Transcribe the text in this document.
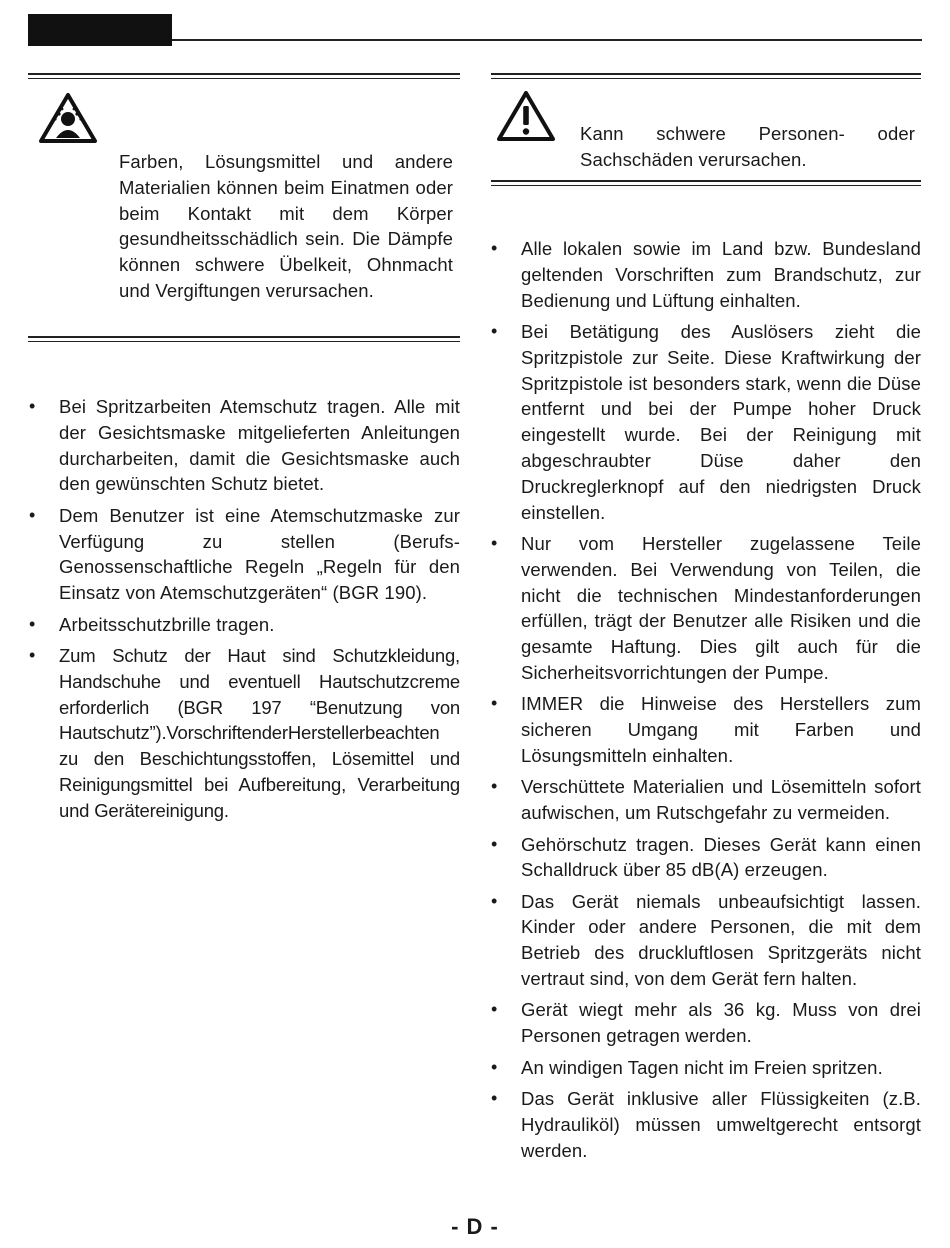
Farben, Lösungsmittel und andere Materialien können beim Einatmen oder beim Kontakt mit dem Körper gesundheitsschädlich sein. Die Dämpfe können schwere Übelkeit, Ohnmacht und Vergiftungen verursachen.
Kann schwere Personen- oder Sachschäden verursachen.
• Bei Spritzarbeiten Atemschutz tragen. Alle mit der Gesichtsmaske mitgelieferten Anleitungen durcharbeiten, damit die Gesichtsmaske auch den gewünschten Schutz bietet.
• Dem Benutzer ist eine Atemschutzmaske zur Verfügung zu stellen (Berufs-Genossenschaftliche Regeln „Regeln für den Einsatz von Atemschutzgeräten“ (BGR 190).
• Arbeitsschutzbrille tragen.
• Zum Schutz der Haut sind Schutzkleidung, Handschuhe und eventuell Hautschutzcreme erforderlich (BGR 197 “Benutzung von Hautschutz”).VorschriftenderHerstellerbeachten zu den Beschichtungsstoffen, Lösemittel und Reinigungsmittel bei Aufbereitung, Verarbeitung und Gerätereinigung.
• Alle lokalen sowie im Land bzw. Bundesland geltenden Vorschriften zum Brandschutz, zur Bedienung und Lüftung einhalten.
• Bei Betätigung des Auslösers zieht die Spritzpistole zur Seite. Diese Kraftwirkung der Spritzpistole ist besonders stark, wenn die Düse entfernt und bei der Pumpe hoher Druck eingestellt wurde. Bei der Reinigung mit abgeschraubter Düse daher den Druckreglerknopf auf den niedrigsten Druck einstellen.
• Nur vom Hersteller zugelassene Teile verwenden. Bei Verwendung von Teilen, die nicht die technischen Mindestanforderungen erfüllen, trägt der Benutzer alle Risiken und die gesamte Haftung. Dies gilt auch für die Sicherheitsvorrichtungen der Pumpe.
• IMMER die Hinweise des Herstellers zum sicheren Umgang mit Farben und Lösungsmitteln einhalten.
• Verschüttete Materialien und Lösemitteln sofort aufwischen, um Rutschgefahr zu vermeiden.
• Gehörschutz tragen. Dieses Gerät kann einen Schalldruck über 85 dB(A) erzeugen.
• Das Gerät niemals unbeaufsichtigt lassen. Kinder oder andere Personen, die mit dem Betrieb des druckluftlosen Spritzgeräts nicht vertraut sind, von dem Gerät fern halten.
• Gerät wiegt mehr als 36 kg. Muss von drei Personen getragen werden.
• An windigen Tagen nicht im Freien spritzen.
• Das Gerät inklusive aller Flüssigkeiten (z.B. Hydrauliköl) müssen umweltgerecht entsorgt werden.
- D -
